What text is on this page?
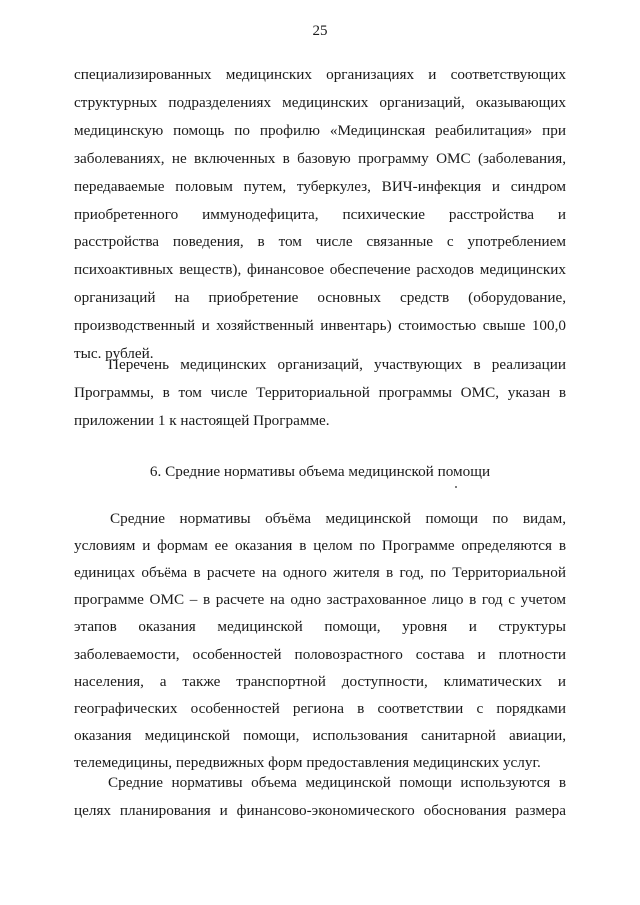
25
специализированных медицинских организациях и соответствующих
структурных подразделениях медицинских организаций, оказывающих
медицинскую помощь по профилю «Медицинская реабилитация» при
заболеваниях, не включенных в базовую программу ОМС (заболевания,
передаваемые половым путем, туберкулез, ВИЧ-инфекция и синдром
приобретенного иммунодефицита, психические расстройства и
расстройства поведения, в том числе связанные с употреблением
психоактивных веществ), финансовое обеспечение расходов медицинских
организаций на приобретение основных средств (оборудование,
производственный и хозяйственный инвентарь) стоимостью свыше 100,0
тыс. рублей.
Перечень медицинских организаций, участвующих в реализации
Программы, в том числе Территориальной программы ОМС, указан в
приложении 1 к настоящей Программе.
6. Средние нормативы объема медицинской помощи
Средние нормативы объёма медицинской помощи по видам,
условиям и формам ее оказания в целом по Программе определяются в
единицах объёма в расчете на одного жителя в год, по Территориальной
программе ОМС – в расчете на одно застрахованное лицо в год с учетом
этапов оказания медицинской помощи, уровня и структуры
заболеваемости, особенностей половозрастного состава и плотности
населения, а также транспортной доступности, климатических и
географических особенностей региона в соответствии с порядками
оказания медицинской помощи, использования санитарной авиации,
телемедицины, передвижных форм предоставления медицинских услуг.
Средние нормативы объема медицинской помощи используются в
целях планирования и финансово-экономического обоснования размера
